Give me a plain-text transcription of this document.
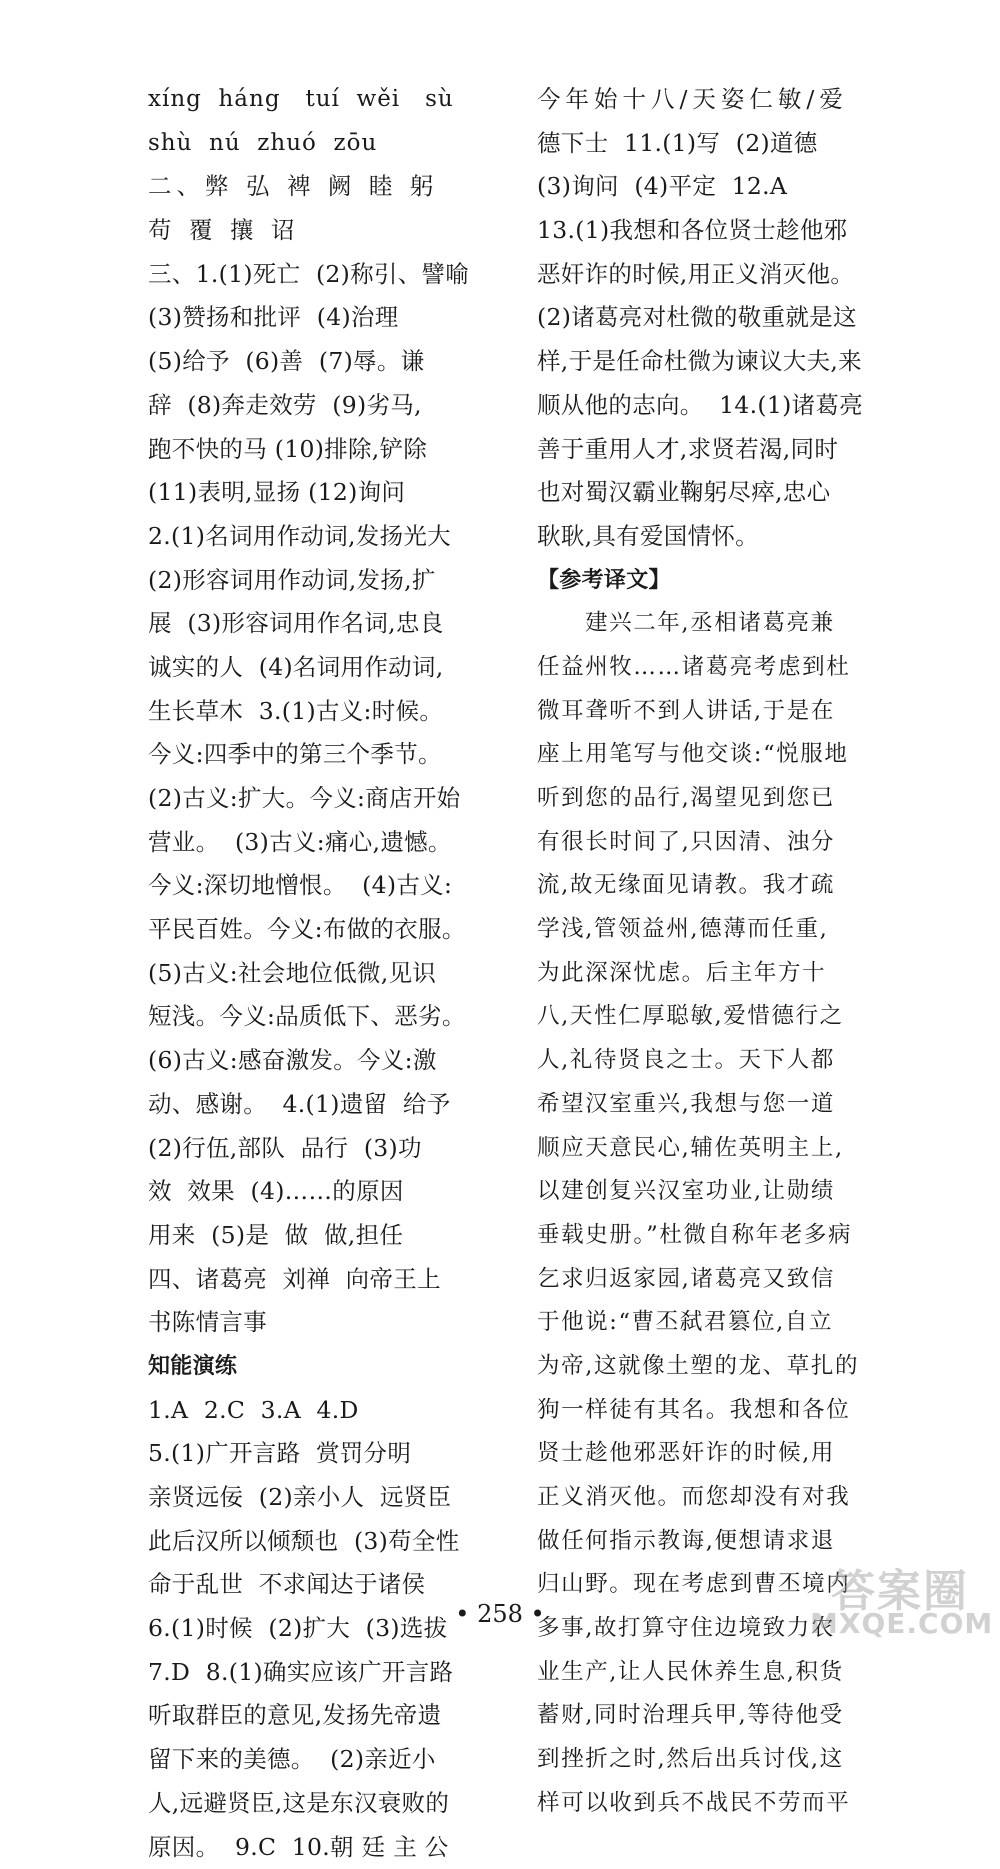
xíng  háng   tuí  wěi   sù
shù  nú  zhuó  zōu
二、弊 弘 裨 阙 睦 躬
苟 覆 攘 诏
三、1.(1)死亡  (2)称引、譬喻
(3)赞扬和批评  (4)治理
(5)给予  (6)善  (7)辱。谦
辞  (8)奔走效劳  (9)劣马,
跑不快的马 (10)排除,铲除
(11)表明,显扬 (12)询问
2.(1)名词用作动词,发扬光大
(2)形容词用作动词,发扬,扩
展  (3)形容词用作名词,忠良
诚实的人  (4)名词用作动词,
生长草木  3.(1)古义:时候。
今义:四季中的第三个季节。
(2)古义:扩大。今义:商店开始
营业。  (3)古义:痛心,遗憾。
今义:深切地憎恨。  (4)古义:
平民百姓。今义:布做的衣服。
(5)古义:社会地位低微,见识
短浅。今义:品质低下、恶劣。
(6)古义:感奋激发。今义:激
动、感谢。  4.(1)遗留  给予
(2)行伍,部队  品行  (3)功
效  效果  (4)……的原因
用来  (5)是  做  做,担任
四、诸葛亮  刘禅  向帝王上
书陈情言事
知能演练
1.A  2.C  3.A  4.D
5.(1)广开言路  赏罚分明
亲贤远佞  (2)亲小人  远贤臣
此后汉所以倾颓也  (3)苟全性
命于乱世  不求闻达于诸侯
6.(1)时候  (2)扩大  (3)选拔
7.D  8.(1)确实应该广开言路
听取群臣的意见,发扬先帝遗
留下来的美德。  (2)亲近小
人,远避贤臣,这是东汉衰败的
原因。  9.C  10.朝 廷 主 公
今年始十八/天姿仁敏/爱
德下士  11.(1)写  (2)道德
(3)询问  (4)平定  12.A
13.(1)我想和各位贤士趁他邪
恶奸诈的时候,用正义消灭他。
(2)诸葛亮对杜微的敬重就是这
样,于是任命杜微为谏议大夫,来
顺从他的志向。  14.(1)诸葛亮
善于重用人才,求贤若渴,同时
也对蜀汉霸业鞠躬尽瘁,忠心
耿耿,具有爱国情怀。
【参考译文】
建兴二年,丞相诸葛亮兼
任益州牧……诸葛亮考虑到杜
微耳聋听不到人讲话,于是在
座上用笔写与他交谈:“悦服地
听到您的品行,渴望见到您已
有很长时间了,只因清、浊分
流,故无缘面见请教。我才疏
学浅,管领益州,德薄而任重,
为此深深忧虑。后主年方十
八,天性仁厚聪敏,爱惜德行之
人,礼待贤良之士。天下人都
希望汉室重兴,我想与您一道
顺应天意民心,辅佐英明主上,
以建创复兴汉室功业,让勋绩
垂载史册。”杜微自称年老多病
乞求归返家园,诸葛亮又致信
于他说:“曹丕弑君篡位,自立
为帝,这就像土塑的龙、草扎的
狗一样徒有其名。我想和各位
贤士趁他邪恶奸诈的时候,用
正义消灭他。而您却没有对我
做任何指示教诲,便想请求退
归山野。现在考虑到曹丕境内
多事,故打算守住边境致力农
业生产,让人民休养生息,积货
蓄财,同时治理兵甲,等待他受
到挫折之时,然后出兵讨伐,这
样可以收到兵不战民不劳而平
• 258 •	答案圈
MXQE.COM
